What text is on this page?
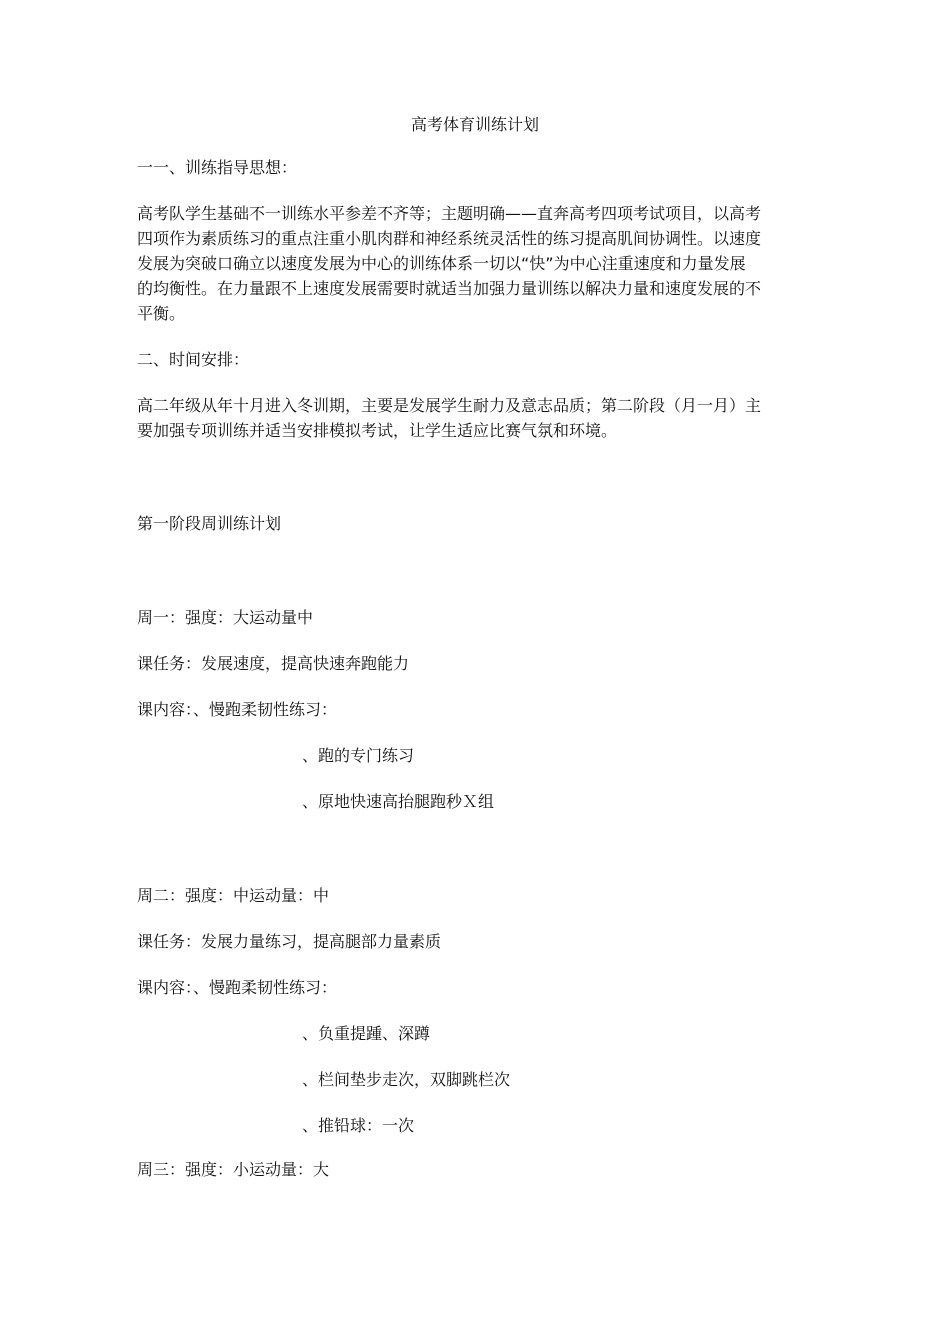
高考体育训练计划
一一、训练指导思想：
高考队学生基础不一训练水平参差不齐等；主题明确——直奔高考四项考试项目，以高考
四项作为素质练习的重点注重小肌肉群和神经系统灵活性的练习提高肌间协调性。以速度
发展为突破口确立以速度发展为中心的训练体系一切以“快”为中心注重速度和力量发展
的均衡性。在力量跟不上速度发展需要时就适当加强力量训练以解决力量和速度发展的不
平衡。
二、时间安排：
高二年级从年十月进入冬训期，主要是发展学生耐力及意志品质；第二阶段（月一月）主
要加强专项训练并适当安排模拟考试，让学生适应比赛气氛和环境。
第一阶段周训练计划
周一：强度：大运动量中
课任务：发展速度，提高快速奔跑能力
课内容：、慢跑柔韧性练习：
、跑的专门练习
、原地快速高抬腿跑秒Ｘ组
周二：强度：中运动量：中
课任务：发展力量练习，提高腿部力量素质
课内容：、慢跑柔韧性练习：
、负重提踵、深蹲
、栏间垫步走次，双脚跳栏次
、推铅球：一次
周三：强度：小运动量：大
